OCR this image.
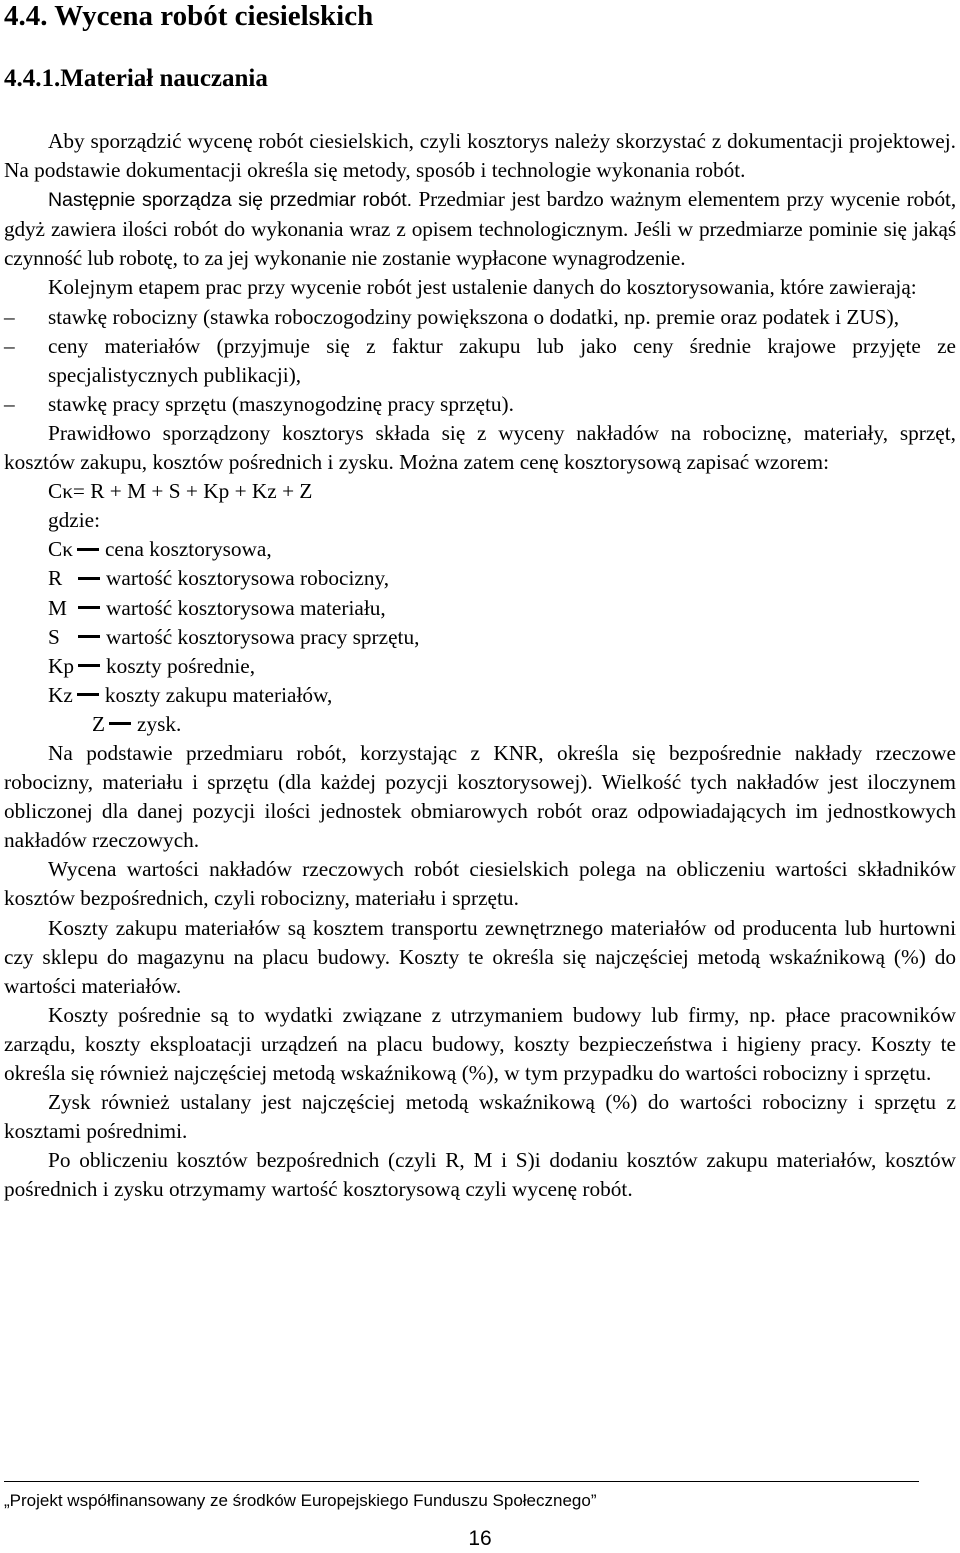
4.4. Wycena robót ciesielskich
4.4.1.Materiał nauczania

Aby sporządzić wycenę robót ciesielskich, czyli kosztorys należy skorzystać z dokumentacji projektowej. Na podstawie dokumentacji określa się metody, sposób i technologie wykonania robót.

Następnie sporządza się przedmiar robót. Przedmiar jest bardzo ważnym elementem przy wycenie robót, gdyż zawiera ilości robót do wykonania wraz z opisem technologicznym. Jeśli w przedmiarze pominie się jakąś czynność lub robotę, to za jej wykonanie nie zostanie wypłacone wynagrodzenie.

Kolejnym etapem prac przy wycenie robót jest ustalenie danych do kosztorysowania, które zawierają:

–	stawkę robocizny (stawka roboczogodziny powiększona o dodatki, np. premie oraz podatek i ZUS),
–	ceny materiałów (przyjmuje się z faktur zakupu lub jako ceny średnie krajowe przyjęte ze specjalistycznych publikacji),
–	stawkę pracy sprzętu (maszynogodzinę pracy sprzętu).

Prawidłowo sporządzony kosztorys składa się z wyceny nakładów na robociznę, materiały, sprzęt, kosztów zakupu, kosztów pośrednich i zysku. Można zatem cenę kosztorysową zapisać wzorem:

Cκ= R + M + S + Kp + Kz + Z
gdzie:
Cκ cena kosztorysowa,
R wartość kosztorysowa robocizny,
M wartość kosztorysowa materiału,
S wartość kosztorysowa pracy sprzętu,
Kp koszty pośrednie,
Kz koszty zakupu materiałów,
Z zysk.

Na podstawie przedmiaru robót, korzystając z KNR, określa się bezpośrednie nakłady rzeczowe robocizny, materiału i sprzętu (dla każdej pozycji kosztorysowej). Wielkość tych nakładów jest iloczynem obliczonej dla danej pozycji ilości jednostek obmiarowych robót oraz odpowiadających im jednostkowych nakładów rzeczowych.

Wycena wartości nakładów rzeczowych robót ciesielskich polega na obliczeniu wartości składników kosztów bezpośrednich, czyli robocizny, materiału i sprzętu.

Koszty zakupu materiałów są kosztem transportu zewnętrznego materiałów od producenta lub hurtowni czy sklepu do magazynu na placu budowy. Koszty te określa się najczęściej metodą wskaźnikową (%) do wartości materiałów.

Koszty pośrednie są to wydatki związane z utrzymaniem budowy lub firmy, np. płace pracowników zarządu, koszty eksploatacji urządzeń na placu budowy, koszty bezpieczeństwa i higieny pracy. Koszty te określa się również najczęściej metodą wskaźnikową (%), w tym przypadku do wartości robocizny i sprzętu.

Zysk również ustalany jest najczęściej metodą wskaźnikową (%) do wartości robocizny i sprzętu z kosztami pośrednimi.

Po obliczeniu kosztów bezpośrednich (czyli R, M i S)i dodaniu kosztów zakupu materiałów, kosztów pośrednich i zysku otrzymamy wartość kosztorysową czyli wycenę robót.

„Projekt współfinansowany ze środków Europejskiego Funduszu Społecznego”
16
